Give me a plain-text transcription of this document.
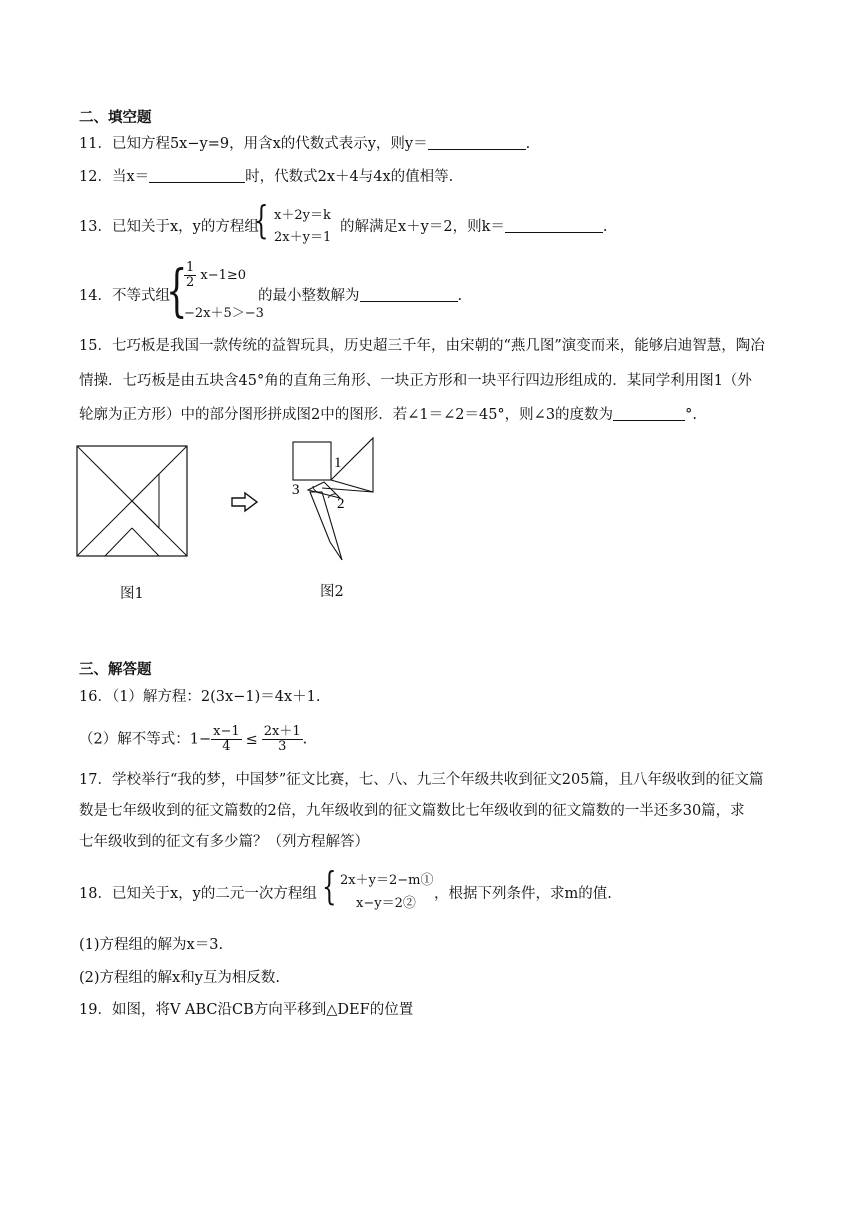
二、填空题
11．已知方程5x−y=9，用含x的代数式表示y，则y＝	.
12．当x＝	时，代数式2x＋4与4x的值相等.
13．已知关于x，y的方程组
{ x＋2y＝k
2x＋y＝1
的解满足x＋y＝2，则k＝	.
14．不等式组
{
$\frac{1}{2} x-1\ge 0$
−2x＋5＞−3
的最小整数解为	.
15．七巧板是我国一款传统的益智玩具，历史超三千年，由宋朝的“燕几图”演变而来，能够启迪智慧，陶冶
情操．七巧板是由五块含45°角的直角三角形、一块正方形和一块平行四边形组成的．某同学利用图1（外
轮廓为正方形）中的部分图形拼成图2中的图形．若∠1＝∠2＝45°，则∠3的度数为	°.
1
3
2
图1	图2
三、解答题
16．（1）解方程：2(3x−1)＝4x＋1.
（2）解不等式：$1- \frac{x-1}{4} \le \frac{2x+1}{3}$ .
17．学校举行“我的梦，中国梦”征文比赛，七、八、九三个年级共收到征文205篇，且八年级收到的征文篇
数是七年级收到的征文篇数的2倍，九年级收到的征文篇数比七年级收到的征文篇数的一半还多30篇，求
七年级收到的征文有多少篇？（列方程解答）
18．已知关于x，y的二元一次方程组 { 2x＋y＝2−m①
x−y＝2②
，根据下列条件，求m的值.
(1)方程组的解为x＝3.
(2)方程组的解x和y互为相反数.
19．如图，将V ABC沿CB方向平移到△DEF的位置
